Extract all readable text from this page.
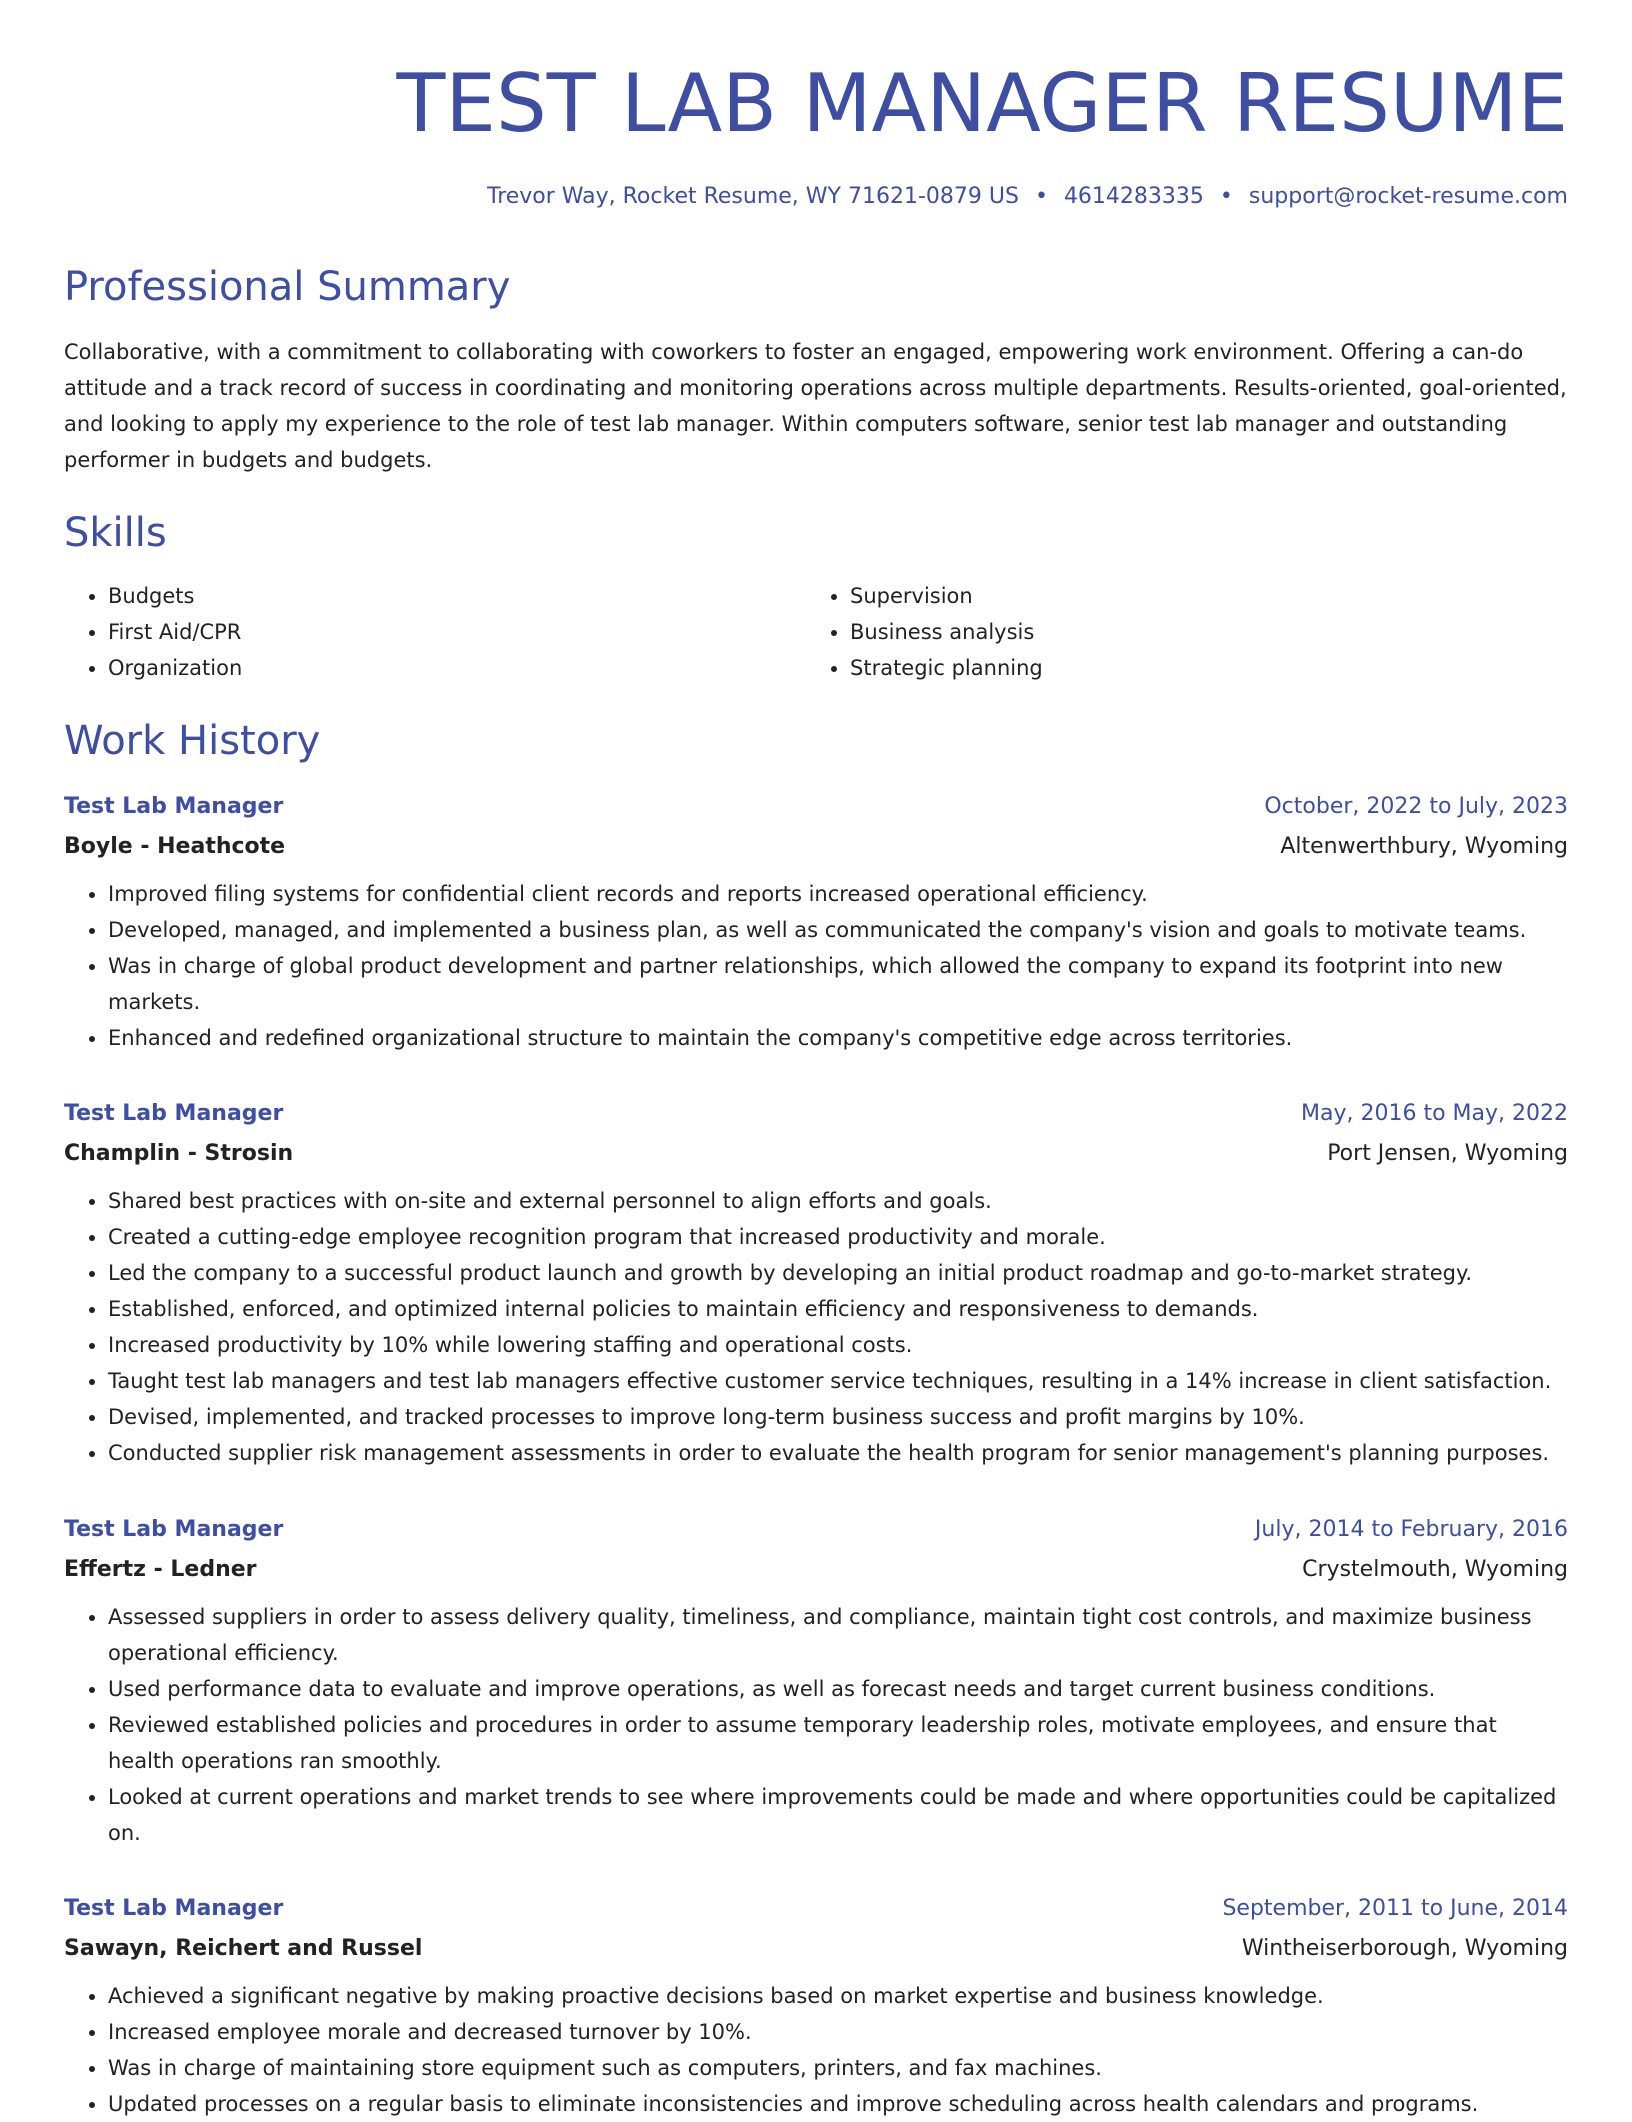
TEST LAB MANAGER RESUME
Trevor Way, Rocket Resume, WY 71621-0879 US • 4614283335 • support@rocket-resume.com
Professional Summary

Collaborative, with a commitment to collaborating with coworkers to foster an engaged, empowering work environment. Offering a can-do attitude and a track record of success in coordinating and monitoring operations across multiple departments. Results-oriented, goal-oriented, and looking to apply my experience to the role of test lab manager. Within computers software, senior test lab manager and outstanding performer in budgets and budgets.

Skills
• Budgets
• First Aid/CPR
• Organization
• Supervision
• Business analysis
• Strategic planning
Work History
Test Lab Manager	October, 2022 to July, 2023
Boyle - Heathcote	Altenwerthbury, Wyoming
• Improved filing systems for confidential client records and reports increased operational efficiency.
• Developed, managed, and implemented a business plan, as well as communicated the company's vision and goals to motivate teams.
• Was in charge of global product development and partner relationships, which allowed the company to expand its footprint into new markets.
• Enhanced and redefined organizational structure to maintain the company's competitive edge across territories.
Test Lab Manager	May, 2016 to May, 2022
Champlin - Strosin	Port Jensen, Wyoming
• Shared best practices with on-site and external personnel to align efforts and goals.
• Created a cutting-edge employee recognition program that increased productivity and morale.
• Led the company to a successful product launch and growth by developing an initial product roadmap and go-to-market strategy.
• Established, enforced, and optimized internal policies to maintain efficiency and responsiveness to demands.
• Increased productivity by 10% while lowering staffing and operational costs.
• Taught test lab managers and test lab managers effective customer service techniques, resulting in a 14% increase in client satisfaction.
• Devised, implemented, and tracked processes to improve long-term business success and profit margins by 10%.
• Conducted supplier risk management assessments in order to evaluate the health program for senior management's planning purposes.
Test Lab Manager	July, 2014 to February, 2016
Effertz - Ledner	Crystelmouth, Wyoming
• Assessed suppliers in order to assess delivery quality, timeliness, and compliance, maintain tight cost controls, and maximize business operational efficiency.
• Used performance data to evaluate and improve operations, as well as forecast needs and target current business conditions.
• Reviewed established policies and procedures in order to assume temporary leadership roles, motivate employees, and ensure that health operations ran smoothly.
• Looked at current operations and market trends to see where improvements could be made and where opportunities could be capitalized on.
Test Lab Manager	September, 2011 to June, 2014
Sawayn, Reichert and Russel	Wintheiserborough, Wyoming
• Achieved a significant negative by making proactive decisions based on market expertise and business knowledge.
• Increased employee morale and decreased turnover by 10%.
• Was in charge of maintaining store equipment such as computers, printers, and fax machines.
• Updated processes on a regular basis to eliminate inconsistencies and improve scheduling across health calendars and programs.
